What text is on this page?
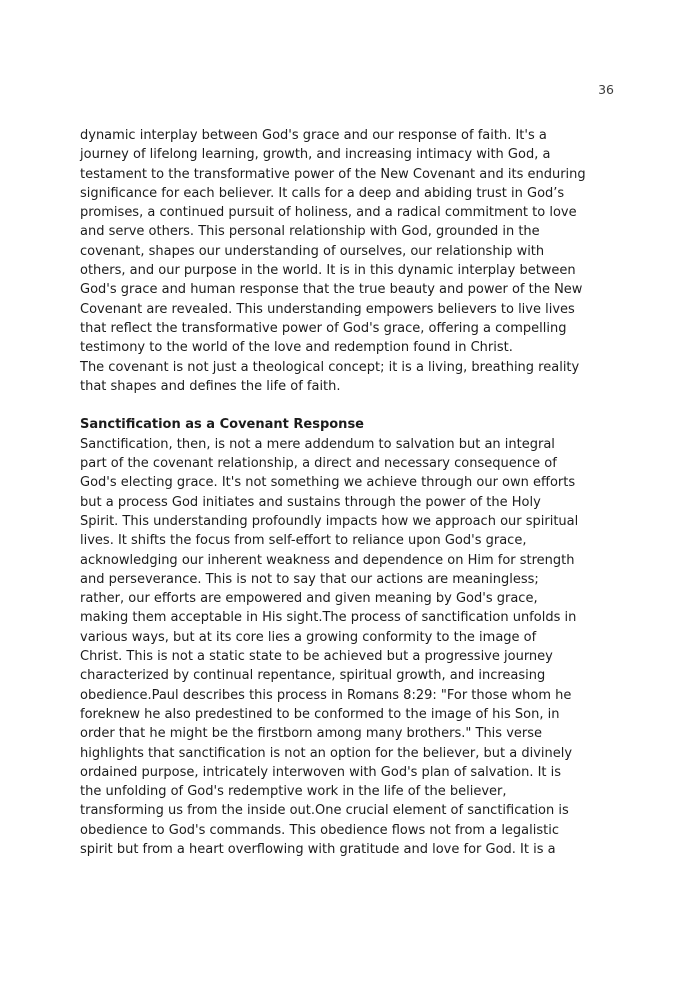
36
dynamic interplay between God's grace and our response of faith. It's a
journey of lifelong learning, growth, and increasing intimacy with God, a
testament to the transformative power of the New Covenant and its enduring
significance for each believer. It calls for a deep and abiding trust in God’s
promises, a continued pursuit of holiness, and a radical commitment to love
and serve others. This personal relationship with God, grounded in the
covenant, shapes our understanding of ourselves, our relationship with
others, and our purpose in the world. It is in this dynamic interplay between
God's grace and human response that the true beauty and power of the New
Covenant are revealed. This understanding empowers believers to live lives
that reflect the transformative power of God's grace, offering a compelling
testimony to the world of the love and redemption found in Christ.
The covenant is not just a theological concept; it is a living, breathing reality
that shapes and defines the life of faith.
Sanctification as a Covenant Response
Sanctification, then, is not a mere addendum to salvation but an integral
part of the covenant relationship, a direct and necessary consequence of
God's electing grace. It's not something we achieve through our own efforts
but a process God initiates and sustains through the power of the Holy
Spirit. This understanding profoundly impacts how we approach our spiritual
lives. It shifts the focus from self-effort to reliance upon God's grace,
acknowledging our inherent weakness and dependence on Him for strength
and perseverance. This is not to say that our actions are meaningless;
rather, our efforts are empowered and given meaning by God's grace,
making them acceptable in His sight.The process of sanctification unfolds in
various ways, but at its core lies a growing conformity to the image of
Christ. This is not a static state to be achieved but a progressive journey
characterized by continual repentance, spiritual growth, and increasing
obedience.Paul describes this process in Romans 8:29: "For those whom he
foreknew he also predestined to be conformed to the image of his Son, in
order that he might be the firstborn among many brothers." This verse
highlights that sanctification is not an option for the believer, but a divinely
ordained purpose, intricately interwoven with God's plan of salvation. It is
the unfolding of God's redemptive work in the life of the believer,
transforming us from the inside out.One crucial element of sanctification is
obedience to God's commands. This obedience flows not from a legalistic
spirit but from a heart overflowing with gratitude and love for God. It is a
